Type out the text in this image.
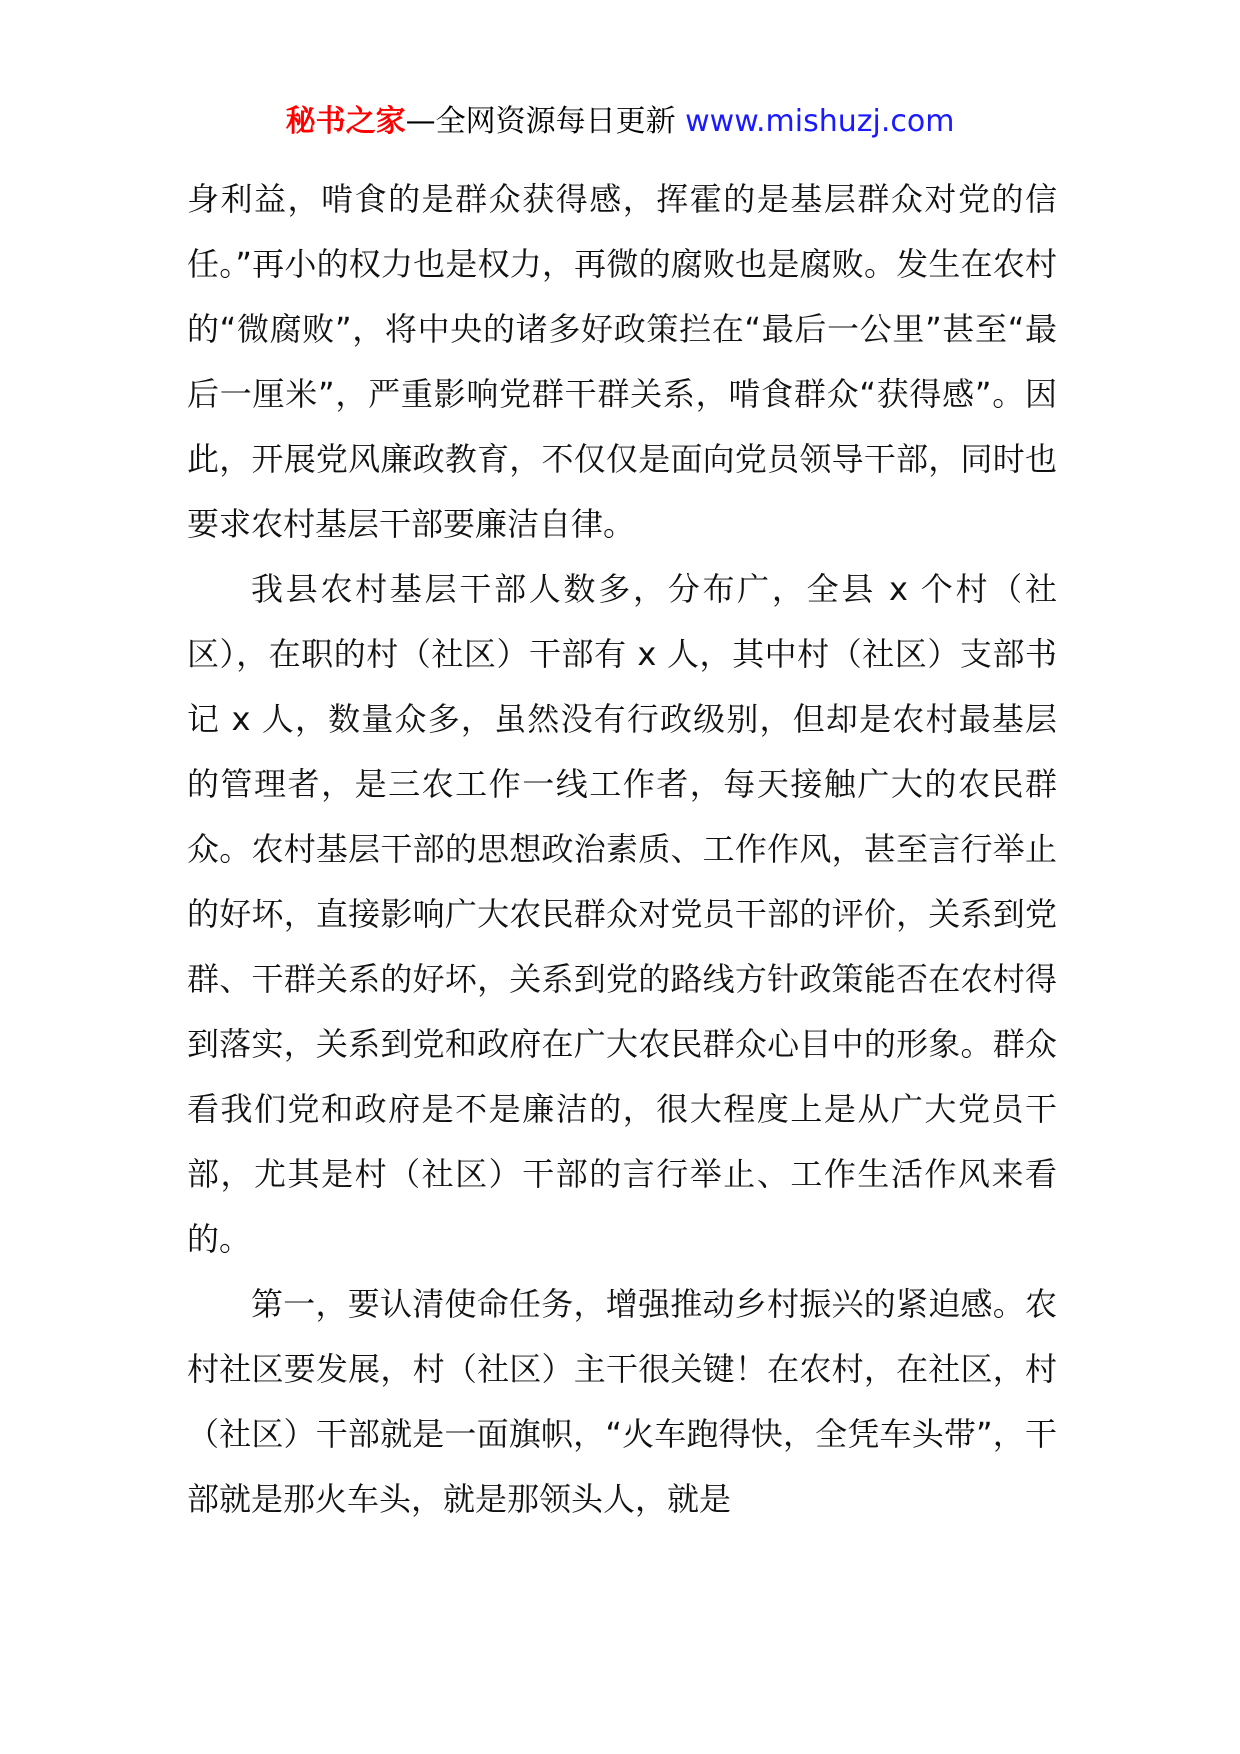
秘书之家—全网资源每日更新 www.mishuzj.com

身利益，啃食的是群众获得感，挥霍的是基层群众对党的信任。”再小的权力也是权力，再微的腐败也是腐败。发生在农村的“微腐败”，将中央的诸多好政策拦在“最后一公里”甚至“最后一厘米”，严重影响党群干群关系，啃食群众“获得感”。因此，开展党风廉政教育，不仅仅是面向党员领导干部，同时也要求农村基层干部要廉洁自律。

我县农村基层干部人数多，分布广，全县 x 个村（社区），在职的村（社区）干部有 x 人，其中村（社区）支部书记 x 人，数量众多，虽然没有行政级别，但却是农村最基层的管理者，是三农工作一线工作者，每天接触广大的农民群众。农村基层干部的思想政治素质、工作作风，甚至言行举止的好坏，直接影响广大农民群众对党员干部的评价，关系到党群、干群关系的好坏，关系到党的路线方针政策能否在农村得到落实，关系到党和政府在广大农民群众心目中的形象。群众看我们党和政府是不是廉洁的，很大程度上是从广大党员干部，尤其是村（社区）干部的言行举止、工作生活作风来看的。

第一，要认清使命任务，增强推动乡村振兴的紧迫感。农村社区要发展，村（社区）主干很关键！在农村，在社区，村（社区）干部就是一面旗帜，“火车跑得快，全凭车头带”，干部就是那火车头，就是那领头人，就是
